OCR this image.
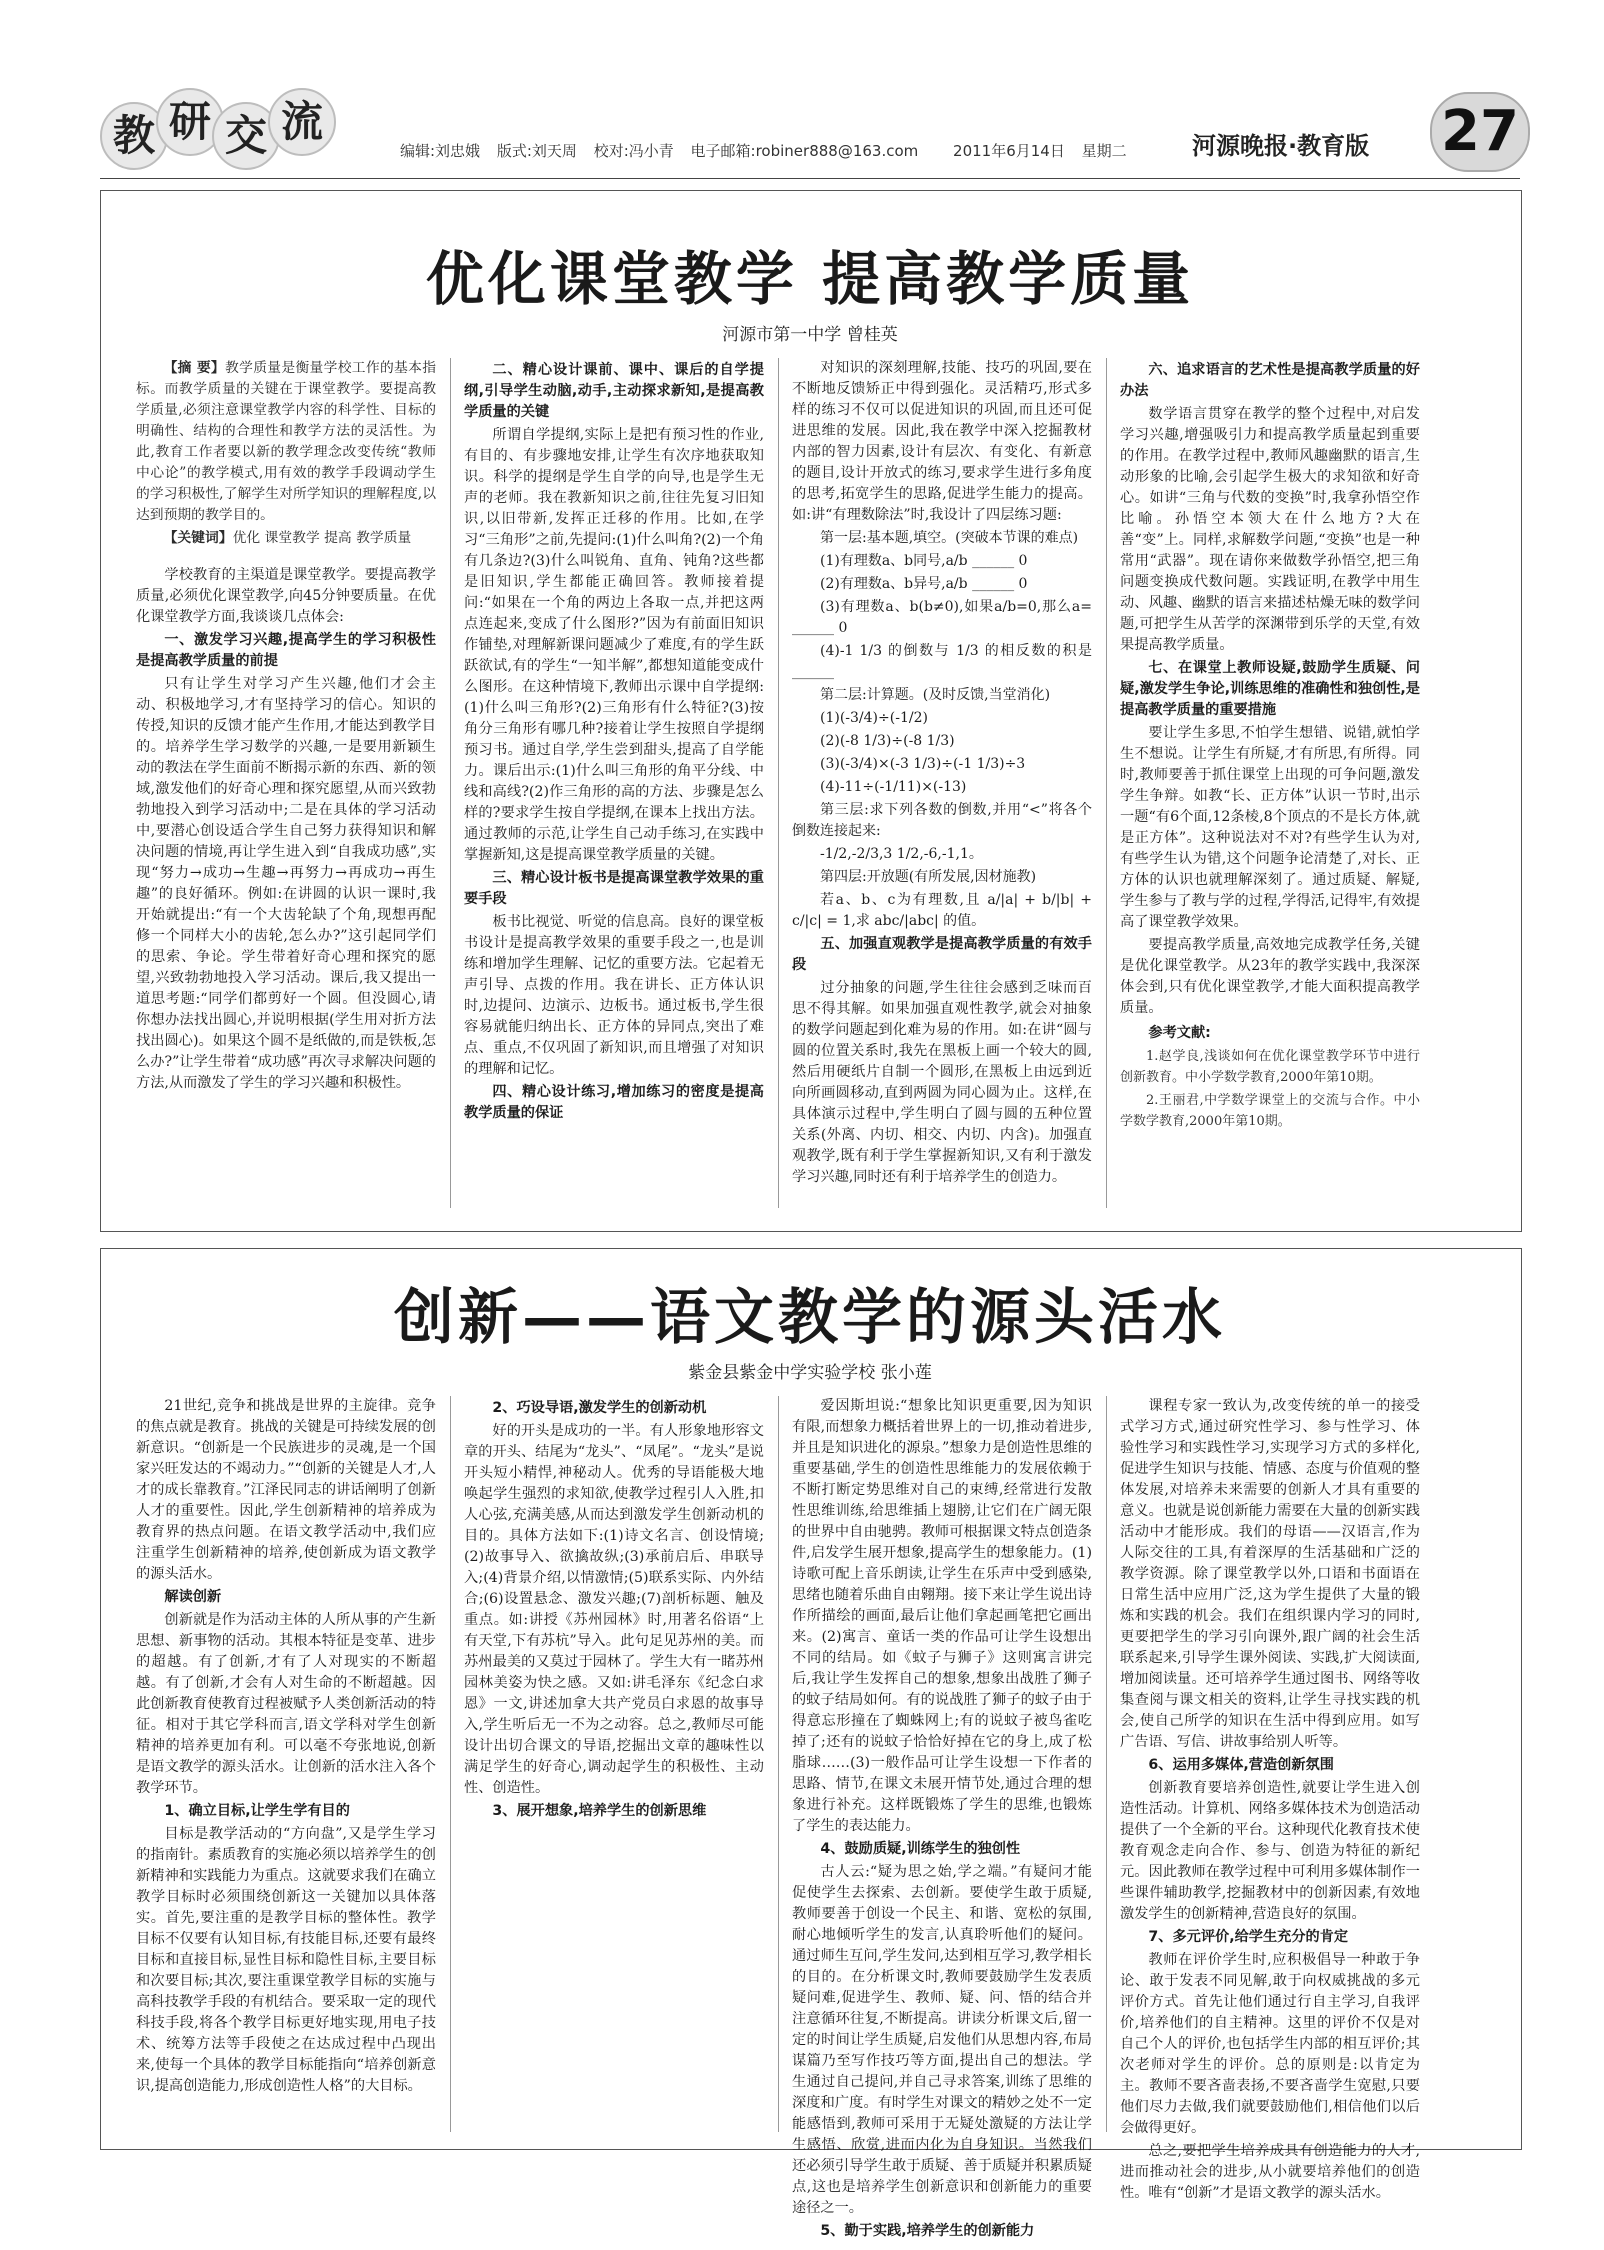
教 研 交 流
编辑:刘忠娥 版式:刘天周 校对:冯小青 电子邮箱:robiner888@163.com 2011年6月14日 星期二	河源晚报·教育版 27
优化课堂教学 提高教学质量
河源市第一中学 曾桂英

【摘 要】教学质量是衡量学校工作的基本指标。而教学质量的关键在于课堂教学。要提高教学质量,必须注意课堂教学内容的科学性、目标的明确性、结构的合理性和教学方法的灵活性。为此,教育工作者要以新的教学理念改变传统“教师中心论”的教学模式,用有效的教学手段调动学生的学习积极性,了解学生对所学知识的理解程度,以达到预期的教学目的。

【关键词】优化 课堂教学 提高 教学质量

学校教育的主渠道是课堂教学。要提高教学质量,必须优化课堂教学,向45分钟要质量。在优化课堂教学方面,我谈谈几点体会:

一、激发学习兴趣,提高学生的学习积极性是提高教学质量的前提

只有让学生对学习产生兴趣,他们才会主动、积极地学习,才有坚持学习的信心。知识的传授,知识的反馈才能产生作用,才能达到教学目的。培养学生学习数学的兴趣,一是要用新颖生动的教法在学生面前不断揭示新的东西、新的领域,激发他们的好奇心理和探究愿望,从而兴致勃勃地投入到学习活动中;二是在具体的学习活动中,要潜心创设适合学生自己努力获得知识和解决问题的情境,再让学生进入到“自我成功感”,实现“努力→成功→生趣→再努力→再成功→再生趣”的良好循环。例如:在讲圆的认识一课时,我开始就提出:“有一个大齿轮缺了个角,现想再配修一个同样大小的齿轮,怎么办?”这引起同学们的思索、争论。学生带着好奇心理和探究的愿望,兴致勃勃地投入学习活动。课后,我又提出一道思考题:“同学们都剪好一个圆。但没圆心,请你想办法找出圆心,并说明根据(学生用对折方法找出圆心)。如果这个圆不是纸做的,而是铁板,怎么办?”让学生带着“成功感”再次寻求解决问题的方法,从而激发了学生的学习兴趣和积极性。

二、精心设计课前、课中、课后的自学提纲,引导学生动脑,动手,主动探求新知,是提高教学质量的关键

所谓自学提纲,实际上是把有预习性的作业,有目的、有步骤地安排,让学生有次序地获取知识。科学的提纲是学生自学的向导,也是学生无声的老师。我在教新知识之前,往往先复习旧知识,以旧带新,发挥正迁移的作用。比如,在学习“三角形”之前,先提问:(1)什么叫角?(2)一个角有几条边?(3)什么叫锐角、直角、钝角?这些都是旧知识,学生都能正确回答。教师接着提问:“如果在一个角的两边上各取一点,并把这两点连起来,变成了什么图形?”因为有前面旧知识作铺垫,对理解新课问题减少了难度,有的学生跃跃欲试,有的学生“一知半解”,都想知道能变成什么图形。在这种情境下,教师出示课中自学提纲:(1)什么叫三角形?(2)三角形有什么特征?(3)按角分三角形有哪几种?接着让学生按照自学提纲预习书。通过自学,学生尝到甜头,提高了自学能力。课后出示:(1)什么叫三角形的角平分线、中线和高线?(2)作三角形的高的方法、步骤是怎么样的?要求学生按自学提纲,在课本上找出方法。通过教师的示范,让学生自己动手练习,在实践中掌握新知,这是提高课堂教学质量的关键。

三、精心设计板书是提高课堂教学效果的重要手段

板书比视觉、听觉的信息高。良好的课堂板书设计是提高教学效果的重要手段之一,也是训练和增加学生理解、记忆的重要方法。它起着无声引导、点拨的作用。我在讲长、正方体认识时,边提问、边演示、边板书。通过板书,学生很容易就能归纳出长、正方体的异同点,突出了难点、重点,不仅巩固了新知识,而且增强了对知识的理解和记忆。

四、精心设计练习,增加练习的密度是提高教学质量的保证

对知识的深刻理解,技能、技巧的巩固,要在不断地反馈矫正中得到强化。灵活精巧,形式多样的练习不仅可以促进知识的巩固,而且还可促进思维的发展。因此,我在教学中深入挖掘教材内部的智力因素,设计有层次、有变化、有新意的题目,设计开放式的练习,要求学生进行多角度的思考,拓宽学生的思路,促进学生能力的提高。如:讲“有理数除法”时,我设计了四层练习题:

第一层:基本题,填空。(突破本节课的难点)

(1)有理数a、b同号,a/b ______ 0

(2)有理数a、b异号,a/b ______ 0

(3)有理数a、b(b≠0),如果a/b=0,那么a= ______ 0

(4)-1 1/3 的倒数与 1/3 的相反数的积是 ______

第二层:计算题。(及时反馈,当堂消化)

(1)(-3/4)÷(-1/2)

(2)(-8 1/3)÷(-8 1/3)

(3)(-3/4)×(-3 1/3)÷(-1 1/3)÷3

(4)-11÷(-1/11)×(-13)

第三层:求下列各数的倒数,并用“<”将各个倒数连接起来:

-1/2,-2/3,3 1/2,-6,-1,1。

第四层:开放题(有所发展,因材施教)

若a、b、c为有理数,且 a/|a| + b/|b| + c/|c| = 1,求 abc/|abc| 的值。

五、加强直观教学是提高教学质量的有效手段

过分抽象的问题,学生往往会感到乏味而百思不得其解。如果加强直观性教学,就会对抽象的数学问题起到化难为易的作用。如:在讲“圆与圆的位置关系时,我先在黑板上画一个较大的圆,然后用硬纸片自制一个圆形,在黑板上由远到近向所画圆移动,直到两圆为同心圆为止。这样,在具体演示过程中,学生明白了圆与圆的五种位置关系(外离、内切、相交、内切、内含)。加强直观教学,既有利于学生掌握新知识,又有利于激发学习兴趣,同时还有利于培养学生的创造力。

六、追求语言的艺术性是提高教学质量的好办法

数学语言贯穿在教学的整个过程中,对启发学习兴趣,增强吸引力和提高教学质量起到重要的作用。在教学过程中,教师风趣幽默的语言,生动形象的比喻,会引起学生极大的求知欲和好奇心。如讲“三角与代数的变换”时,我拿孙悟空作比喻。孙悟空本领大在什么地方?大在善“变”上。同样,求解数学问题,“变换”也是一种常用“武器”。现在请你来做数学孙悟空,把三角问题变换成代数问题。实践证明,在教学中用生动、风趣、幽默的语言来描述枯燥无味的数学问题,可把学生从苦学的深渊带到乐学的天堂,有效果提高教学质量。

七、在课堂上教师设疑,鼓励学生质疑、问疑,激发学生争论,训练思维的准确性和独创性,是提高教学质量的重要措施

要让学生多思,不怕学生想错、说错,就怕学生不想说。让学生有所疑,才有所思,有所得。同时,教师要善于抓住课堂上出现的可争问题,激发学生争辩。如教“长、正方体”认识一节时,出示一题“有6个面,12条棱,8个顶点的不是长方体,就是正方体”。这种说法对不对?有些学生认为对,有些学生认为错,这个问题争论清楚了,对长、正方体的认识也就理解深刻了。通过质疑、解疑,学生参与了教与学的过程,学得活,记得牢,有效提高了课堂教学效果。

要提高教学质量,高效地完成教学任务,关键是优化课堂教学。从23年的教学实践中,我深深体会到,只有优化课堂教学,才能大面积提高教学质量。

参考文献:

1.赵学良,浅谈如何在优化课堂教学环节中进行创新教育。中小学数学教育,2000年第10期。

2.王丽君,中学数学课堂上的交流与合作。中小学数学教育,2000年第10期。

创新——语文教学的源头活水
紫金县紫金中学实验学校 张小莲

21世纪,竞争和挑战是世界的主旋律。竞争的焦点就是教育。挑战的关键是可持续发展的创新意识。“创新是一个民族进步的灵魂,是一个国家兴旺发达的不竭动力。”“创新的关键是人才,人才的成长靠教育。”江泽民同志的讲话阐明了创新人才的重要性。因此,学生创新精神的培养成为教育界的热点问题。在语文教学活动中,我们应注重学生创新精神的培养,使创新成为语文教学的源头活水。

解读创新

创新就是作为活动主体的人所从事的产生新思想、新事物的活动。其根本特征是变革、进步的超越。有了创新,才有了人对现实的不断超越。有了创新,才会有人对生命的不断超越。因此创新教育使教育过程被赋予人类创新活动的特征。相对于其它学科而言,语文学科对学生创新精神的培养更加有利。可以毫不夸张地说,创新是语文教学的源头活水。让创新的活水注入各个教学环节。

1、确立目标,让学生学有目的

目标是教学活动的“方向盘”,又是学生学习的指南针。素质教育的实施必须以培养学生的创新精神和实践能力为重点。这就要求我们在确立教学目标时必须围绕创新这一关键加以具体落实。首先,要注重的是教学目标的整体性。教学目标不仅要有认知目标,有技能目标,还要有最终目标和直接目标,显性目标和隐性目标,主要目标和次要目标;其次,要注重课堂教学目标的实施与高科技教学手段的有机结合。要采取一定的现代科技手段,将各个教学目标更好地实现,用电子技术、统筹方法等手段使之在达成过程中凸现出来,使每一个具体的教学目标能指向“培养创新意识,提高创造能力,形成创造性人格”的大目标。

2、巧设导语,激发学生的创新动机

好的开头是成功的一半。有人形象地形容文章的开头、结尾为“龙头”、“凤尾”。“龙头”是说开头短小精悍,神秘动人。优秀的导语能极大地唤起学生强烈的求知欲,使教学过程引人入胜,扣人心弦,充满美感,从而达到激发学生创新动机的目的。具体方法如下:(1)诗文名言、创设情境;(2)故事导入、欲擒故纵;(3)承前启后、串联导入;(4)背景介绍,以情激情;(5)联系实际、内外结合;(6)设置悬念、激发兴趣;(7)剖析标题、触及重点。如:讲授《苏州园林》时,用著名俗语“上有天堂,下有苏杭”导入。此句足见苏州的美。而苏州最美的又莫过于园林了。学生大有一睹苏州园林美姿为快之感。又如:讲毛泽东《纪念白求恩》一文,讲述加拿大共产党员白求恩的故事导入,学生听后无一不为之动容。总之,教师尽可能设计出切合课文的导语,挖掘出文章的趣味性以满足学生的好奇心,调动起学生的积极性、主动性、创造性。

3、展开想象,培养学生的创新思维

爱因斯坦说:“想象比知识更重要,因为知识有限,而想象力概括着世界上的一切,推动着进步,并且是知识进化的源泉。”想象力是创造性思维的重要基础,学生的创造性思维能力的发展依赖于不断打断定势思维对自己的束缚,经常进行发散性思维训练,给思维插上翅膀,让它们在广阔无限的世界中自由驰骋。教师可根据课文特点创造条件,启发学生展开想象,提高学生的想象能力。(1)诗歌可配上音乐朗读,让学生在乐声中受到感染,思绪也随着乐曲自由翱翔。接下来让学生说出诗作所描绘的画面,最后让他们拿起画笔把它画出来。(2)寓言、童话一类的作品可让学生设想出不同的结局。如《蚊子与狮子》这则寓言讲完后,我让学生发挥自己的想象,想象出战胜了狮子的蚊子结局如何。有的说战胜了狮子的蚊子由于得意忘形撞在了蜘蛛网上;有的说蚊子被鸟雀吃掉了;还有的说蚊子恰恰好掉在它的身上,成了松脂球……(3)一般作品可让学生设想一下作者的思路、情节,在课文未展开情节处,通过合理的想象进行补充。这样既锻炼了学生的思维,也锻炼了学生的表达能力。

4、鼓励质疑,训练学生的独创性

古人云:“疑为思之始,学之端。”有疑问才能促使学生去探索、去创新。要使学生敢于质疑,教师要善于创设一个民主、和谐、宽松的氛围,耐心地倾听学生的发言,认真聆听他们的疑问。通过师生互问,学生发问,达到相互学习,教学相长的目的。在分析课文时,教师要鼓励学生发表质疑问难,促进学生、教师、疑、问、悟的结合并注意循环往复,不断提高。讲读分析课文后,留一定的时间让学生质疑,启发他们从思想内容,布局谋篇乃至写作技巧等方面,提出自己的想法。学生通过自己提问,并自己寻求答案,训练了思维的深度和广度。有时学生对课文的精妙之处不一定能感悟到,教师可采用于无疑处激疑的方法让学生感悟、欣赏,进而内化为自身知识。当然我们还必须引导学生敢于质疑、善于质疑并积累质疑点,这也是培养学生创新意识和创新能力的重要途径之一。

5、勤于实践,培养学生的创新能力

课程专家一致认为,改变传统的单一的接受式学习方式,通过研究性学习、参与性学习、体验性学习和实践性学习,实现学习方式的多样化,促进学生知识与技能、情感、态度与价值观的整体发展,对培养未来需要的创新人才具有重要的意义。也就是说创新能力需要在大量的创新实践活动中才能形成。我们的母语——汉语言,作为人际交往的工具,有着深厚的生活基础和广泛的教学资源。除了课堂教学以外,口语和书面语在日常生活中应用广泛,这为学生提供了大量的锻炼和实践的机会。我们在组织课内学习的同时,更要把学生的学习引向课外,跟广阔的社会生活联系起来,引导学生课外阅读、实践,扩大阅读面,增加阅读量。还可培养学生通过图书、网络等收集查阅与课文相关的资料,让学生寻找实践的机会,使自己所学的知识在生活中得到应用。如写广告语、写信、讲故事给别人听等。

6、运用多媒体,营造创新氛围

创新教育要培养创造性,就要让学生进入创造性活动。计算机、网络多媒体技术为创造活动提供了一个全新的平台。这种现代化教育技术使教育观念走向合作、参与、创造为特征的新纪元。因此教师在教学过程中可利用多媒体制作一些课件辅助教学,挖掘教材中的创新因素,有效地激发学生的创新精神,营造良好的氛围。

7、多元评价,给学生充分的肯定

教师在评价学生时,应积极倡导一种敢于争论、敢于发表不同见解,敢于向权威挑战的多元评价方式。首先让他们通过行自主学习,自我评价,培养他们的自主精神。这里的评价不仅是对自己个人的评价,也包括学生内部的相互评价;其次老师对学生的评价。总的原则是:以肯定为主。教师不要吝啬表扬,不要吝啬学生宽慰,只要他们尽力去做,我们就要鼓励他们,相信他们以后会做得更好。

总之,要把学生培养成具有创造能力的人才,进而推动社会的进步,从小就要培养他们的创造性。唯有“创新”才是语文教学的源头活水。
